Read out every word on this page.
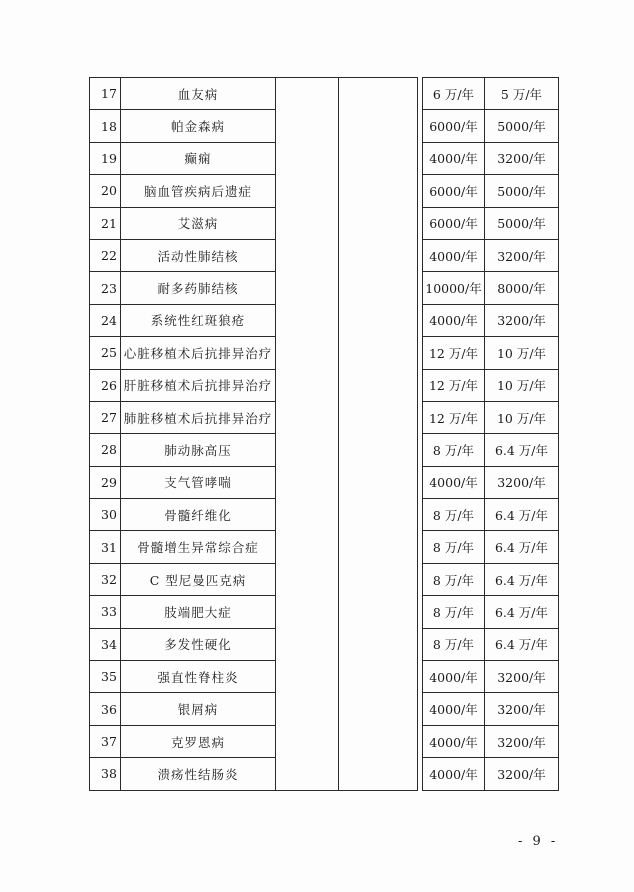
17	血友病				6 万/年	5 万/年
18	帕金森病				6000/年	5000/年
19	癫痫				4000/年	3200/年
20	脑血管疾病后遗症				6000/年	5000/年
21	艾滋病				6000/年	5000/年
22	活动性肺结核				4000/年	3200/年
23	耐多药肺结核				10000/年	8000/年
24	系统性红斑狼疮				4000/年	3200/年
25	心脏移植术后抗排异治疗				12 万/年	10 万/年
26	肝脏移植术后抗排异治疗				12 万/年	10 万/年
27	肺脏移植术后抗排异治疗				12 万/年	10 万/年
28	肺动脉高压				8 万/年	6.4 万/年
29	支气管哮喘				4000/年	3200/年
30	骨髓纤维化				8 万/年	6.4 万/年
31	骨髓增生异常综合症				8 万/年	6.4 万/年
32	C 型尼曼匹克病				8 万/年	6.4 万/年
33	肢端肥大症				8 万/年	6.4 万/年
34	多发性硬化				8 万/年	6.4 万/年
35	强直性脊柱炎				4000/年	3200/年
36	银屑病				4000/年	3200/年
37	克罗恩病				4000/年	3200/年
38	溃疡性结肠炎				4000/年	3200/年
- 9 -
